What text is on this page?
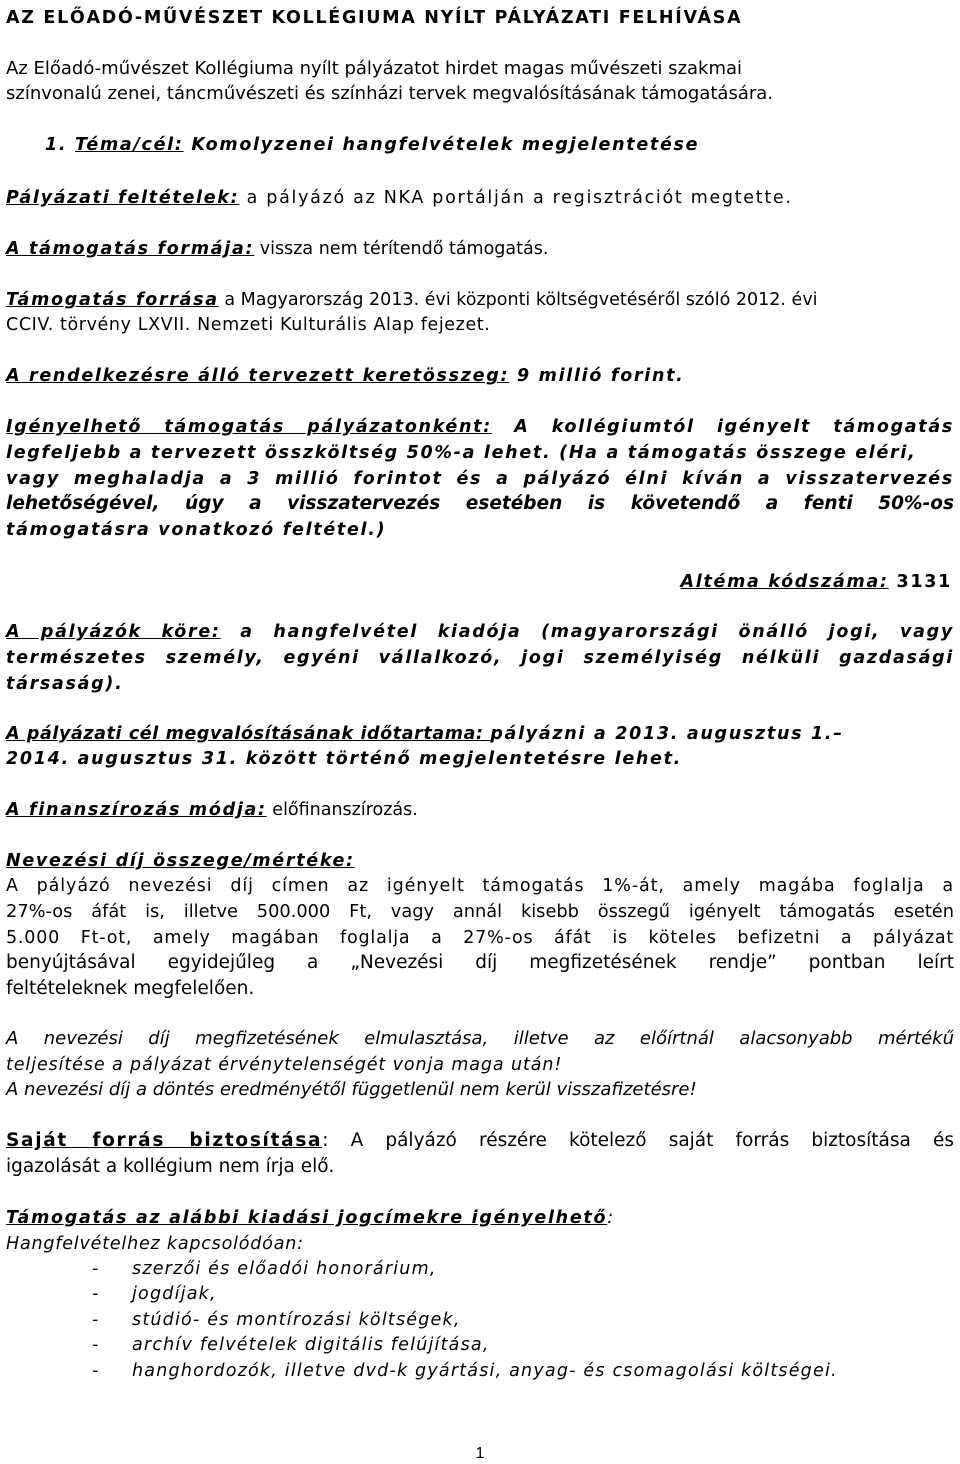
AZ ELŐADÓ-MŰVÉSZET KOLLÉGIUMA NYÍLT PÁLYÁZATI FELHÍVÁSA
Az Előadó-művészet Kollégiuma nyílt pályázatot hirdet magas művészeti szakmai
színvonalú zenei, táncművészeti és színházi tervek megvalósításának támogatására.
1. Téma/cél: Komolyzenei hangfelvételek megjelentetése
Pályázati feltételek: a pályázó az NKA portálján a regisztrációt megtette.
A támogatás formája: vissza nem térítendő támogatás.
Támogatás forrása a Magyarország 2013. évi központi költségvetéséről szóló 2012. évi
CCIV. törvény LXVII. Nemzeti Kulturális Alap fejezet.
A rendelkezésre álló tervezett keretösszeg: 9 millió forint.
Igényelhető támogatás pályázatonként: A kollégiumtól igényelt támogatás
legfeljebb a tervezett összköltség 50%-a lehet. (Ha a támogatás összege eléri,
vagy meghaladja a 3 millió forintot és a pályázó élni kíván a visszatervezés
lehetőségével, úgy a visszatervezés esetében is követendő a fenti 50%-os
támogatásra vonatkozó feltétel.)
Altéma kódszáma: 3131
A pályázók köre: a hangfelvétel kiadója (magyarországi önálló jogi, vagy
természetes személy, egyéni vállalkozó, jogi személyiség nélküli gazdasági
társaság).
A pályázati cél megvalósításának időtartama: pályázni a 2013. augusztus 1.–
2014. augusztus 31. között történő megjelentetésre lehet.
A finanszírozás módja: előfinanszírozás.
Nevezési díj összege/mértéke:
A pályázó nevezési díj címen az igényelt támogatás 1%-át, amely magába foglalja a
27%-os áfát is, illetve 500.000 Ft, vagy annál kisebb összegű igényelt támogatás esetén
5.000 Ft-ot, amely magában foglalja a 27%-os áfát is köteles befizetni a pályázat
benyújtásával egyidejűleg a „Nevezési díj megfizetésének rendje” pontban leírt
feltételeknek megfelelően.
A nevezési díj megfizetésének elmulasztása, illetve az előírtnál alacsonyabb mértékű
teljesítése a pályázat érvénytelenségét vonja maga után!
A nevezési díj a döntés eredményétől függetlenül nem kerül visszafizetésre!
Saját forrás biztosítása: A pályázó részére kötelező saját forrás biztosítása és
igazolását a kollégium nem írja elő.
Támogatás az alábbi kiadási jogcímekre igényelhető:
Hangfelvételhez kapcsolódóan:
- szerzői és előadói honorárium,
- jogdíjak,
- stúdió- és montírozási költségek,
- archív felvételek digitális felújítása,
- hanghordozók, illetve dvd-k gyártási, anyag- és csomagolási költségei.
1
